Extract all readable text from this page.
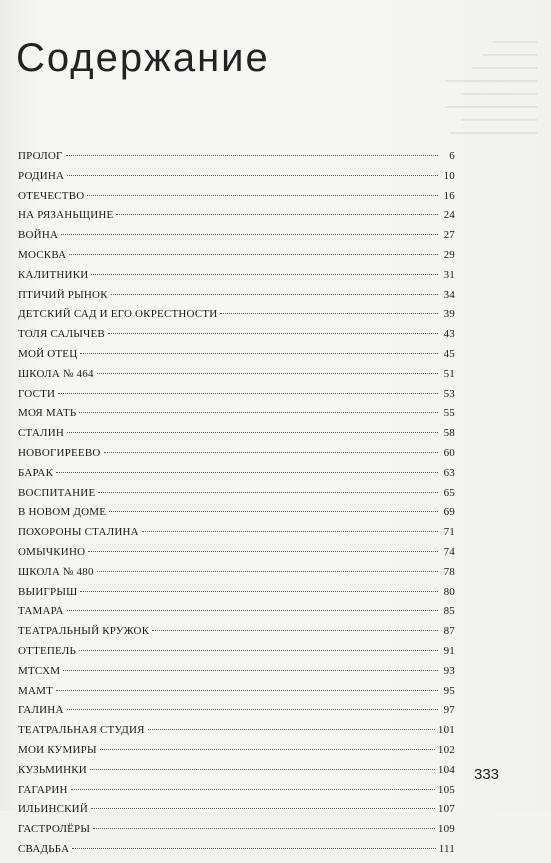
━━━━━━━━
━━━━━━━━━━
━━━━━━━━━━━━
━━━━━━━━━━━━━━━━━
━━━━━━━━━━━━━━
━━━━━━━━━━━━━━━━━
━━━━━━━━━━━━━━
━━━━━━━━━━━━━━━━
Содержание
ПРОЛОГ	6
РОДИНА	10
ОТЕЧЕСТВО	16
НА РЯЗАНЬЩИНЕ	24
ВОЙНА	27
МОСКВА	29
КАЛИТНИКИ	31
ПТИЧИЙ РЫНОК	34
ДЕТСКИЙ САД И ЕГО ОКРЕСТНОСТИ	39
ТОЛЯ САЛЫЧЕВ	43
МОЙ ОТЕЦ	45
ШКОЛА № 464	51
ГОСТИ	53
МОЯ МАТЬ	55
СТАЛИН	58
НОВОГИРЕЕВО	60
БАРАК	63
ВОСПИТАНИЕ	65
В НОВОМ ДОМЕ	69
ПОХОРОНЫ СТАЛИНА	71
ОМЫЧКИНО	74
ШКОЛА № 480	78
ВЫИГРЫШ	80
ТАМАРА	85
ТЕАТРАЛЬНЫЙ КРУЖОК	87
ОТТЕПЕЛЬ	91
МТСХМ	93
МАМТ	95
ГАЛИНА	97
ТЕАТРАЛЬНАЯ СТУДИЯ	101
МОИ КУМИРЫ	102
КУЗЬМИНКИ	104
ГАГАРИН	105
ИЛЬИНСКИЙ	107
ГАСТРОЛЁРЫ	109
СВАДЬБА	111
333
